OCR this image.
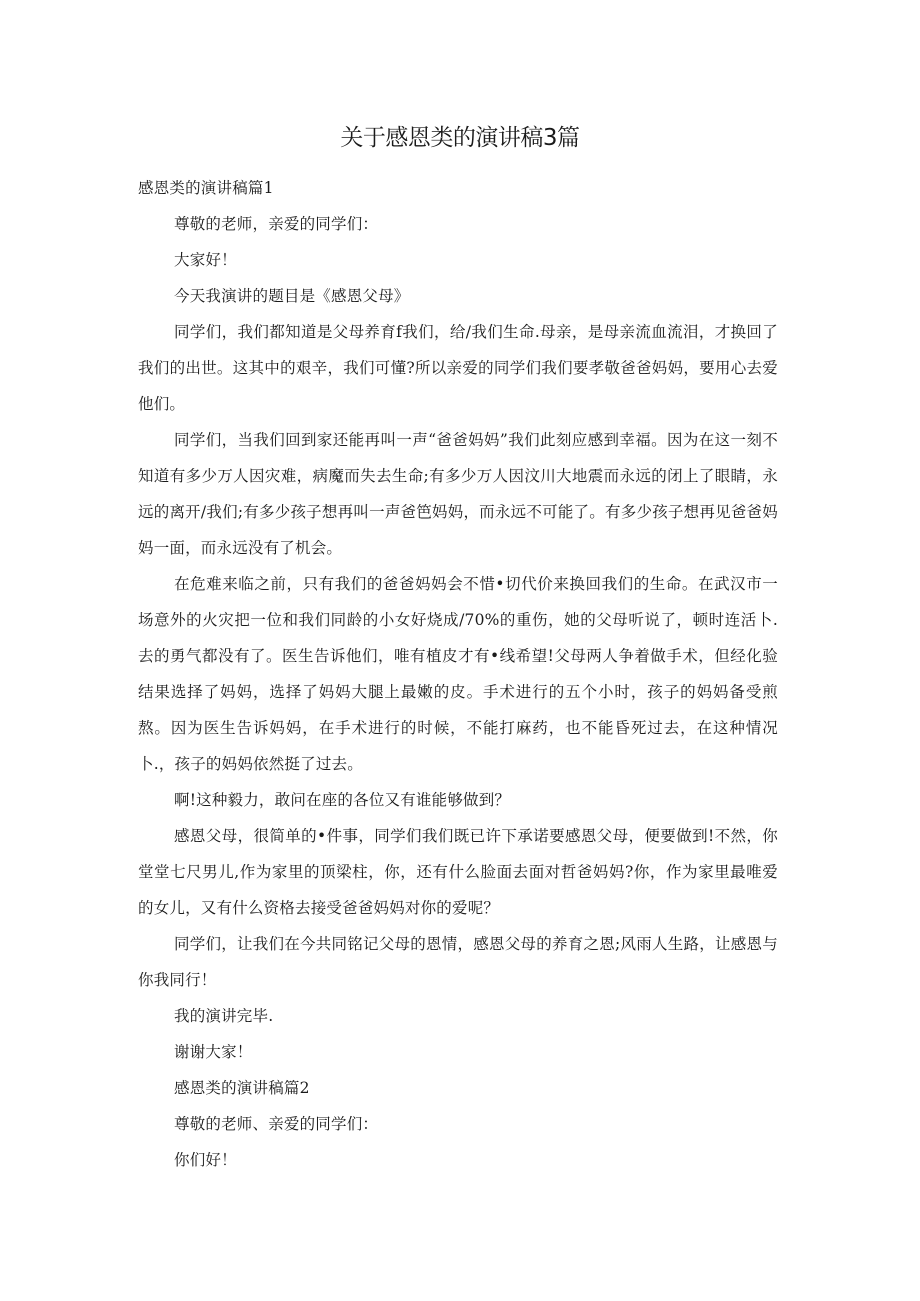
关于感恩类的演讲稿3篇

感恩类的演讲稿篇1

尊敬的老师，亲爱的同学们：

大家好！

今天我演讲的题目是《感恩父母》

同学们，我们都知道是父母养育f我们，给/我们生命.母亲，是母亲流血流泪，才换回了我们的出世。这其中的艰辛，我们可懂?所以亲爱的同学们我们要孝敬爸爸妈妈，要用心去爱他们。

同学们，当我们回到家还能再叫一声“爸爸妈妈”我们此刻应感到幸福。因为在这一刻不知道有多少万人因灾难，病魔而失去生命;有多少万人因汶川大地震而永远的闭上了眼睛，永远的离开/我们;有多少孩子想再叫一声爸笆妈妈，而永远不可能了。有多少孩子想再见爸爸妈妈一面，而永远没有了机会。

在危难来临之前，只有我们的爸爸妈妈会不惜•切代价来换回我们的生命。在武汉市一场意外的火灾把一位和我们同龄的小女好烧成/70%的重伤，她的父母听说了，顿时连活卜.去的勇气都没有了。医生告诉他们，唯有植皮才有•线希望!父母两人争着做手术，但经化验结果选择了妈妈，选择了妈妈大腿上最嫩的皮。手术进行的五个小时，孩子的妈妈备受煎熬。因为医生告诉妈妈，在手术进行的时候，不能打麻药，也不能昏死过去，在这种情况卜.，孩子的妈妈依然挺了过去。

啊!这种毅力，敢问在座的各位又有谁能够做到？

感恩父母，很简单的•件事，同学们我们既已许下承诺要感恩父母，便要做到!不然，你堂堂七尺男儿,作为家里的顶梁柱，你，还有什么脸面去面对哲爸妈妈?你，作为家里最唯爱的女儿，又有什么资格去接受爸爸妈妈对你的爱呢？

同学们，让我们在今共同铭记父母的恩情，感恩父母的养育之恩;风雨人生路，让感恩与你我同行！

我的演讲完毕.

谢谢大家！

感恩类的演讲稿篇2

尊敬的老师、亲爱的同学们：

你们好！
